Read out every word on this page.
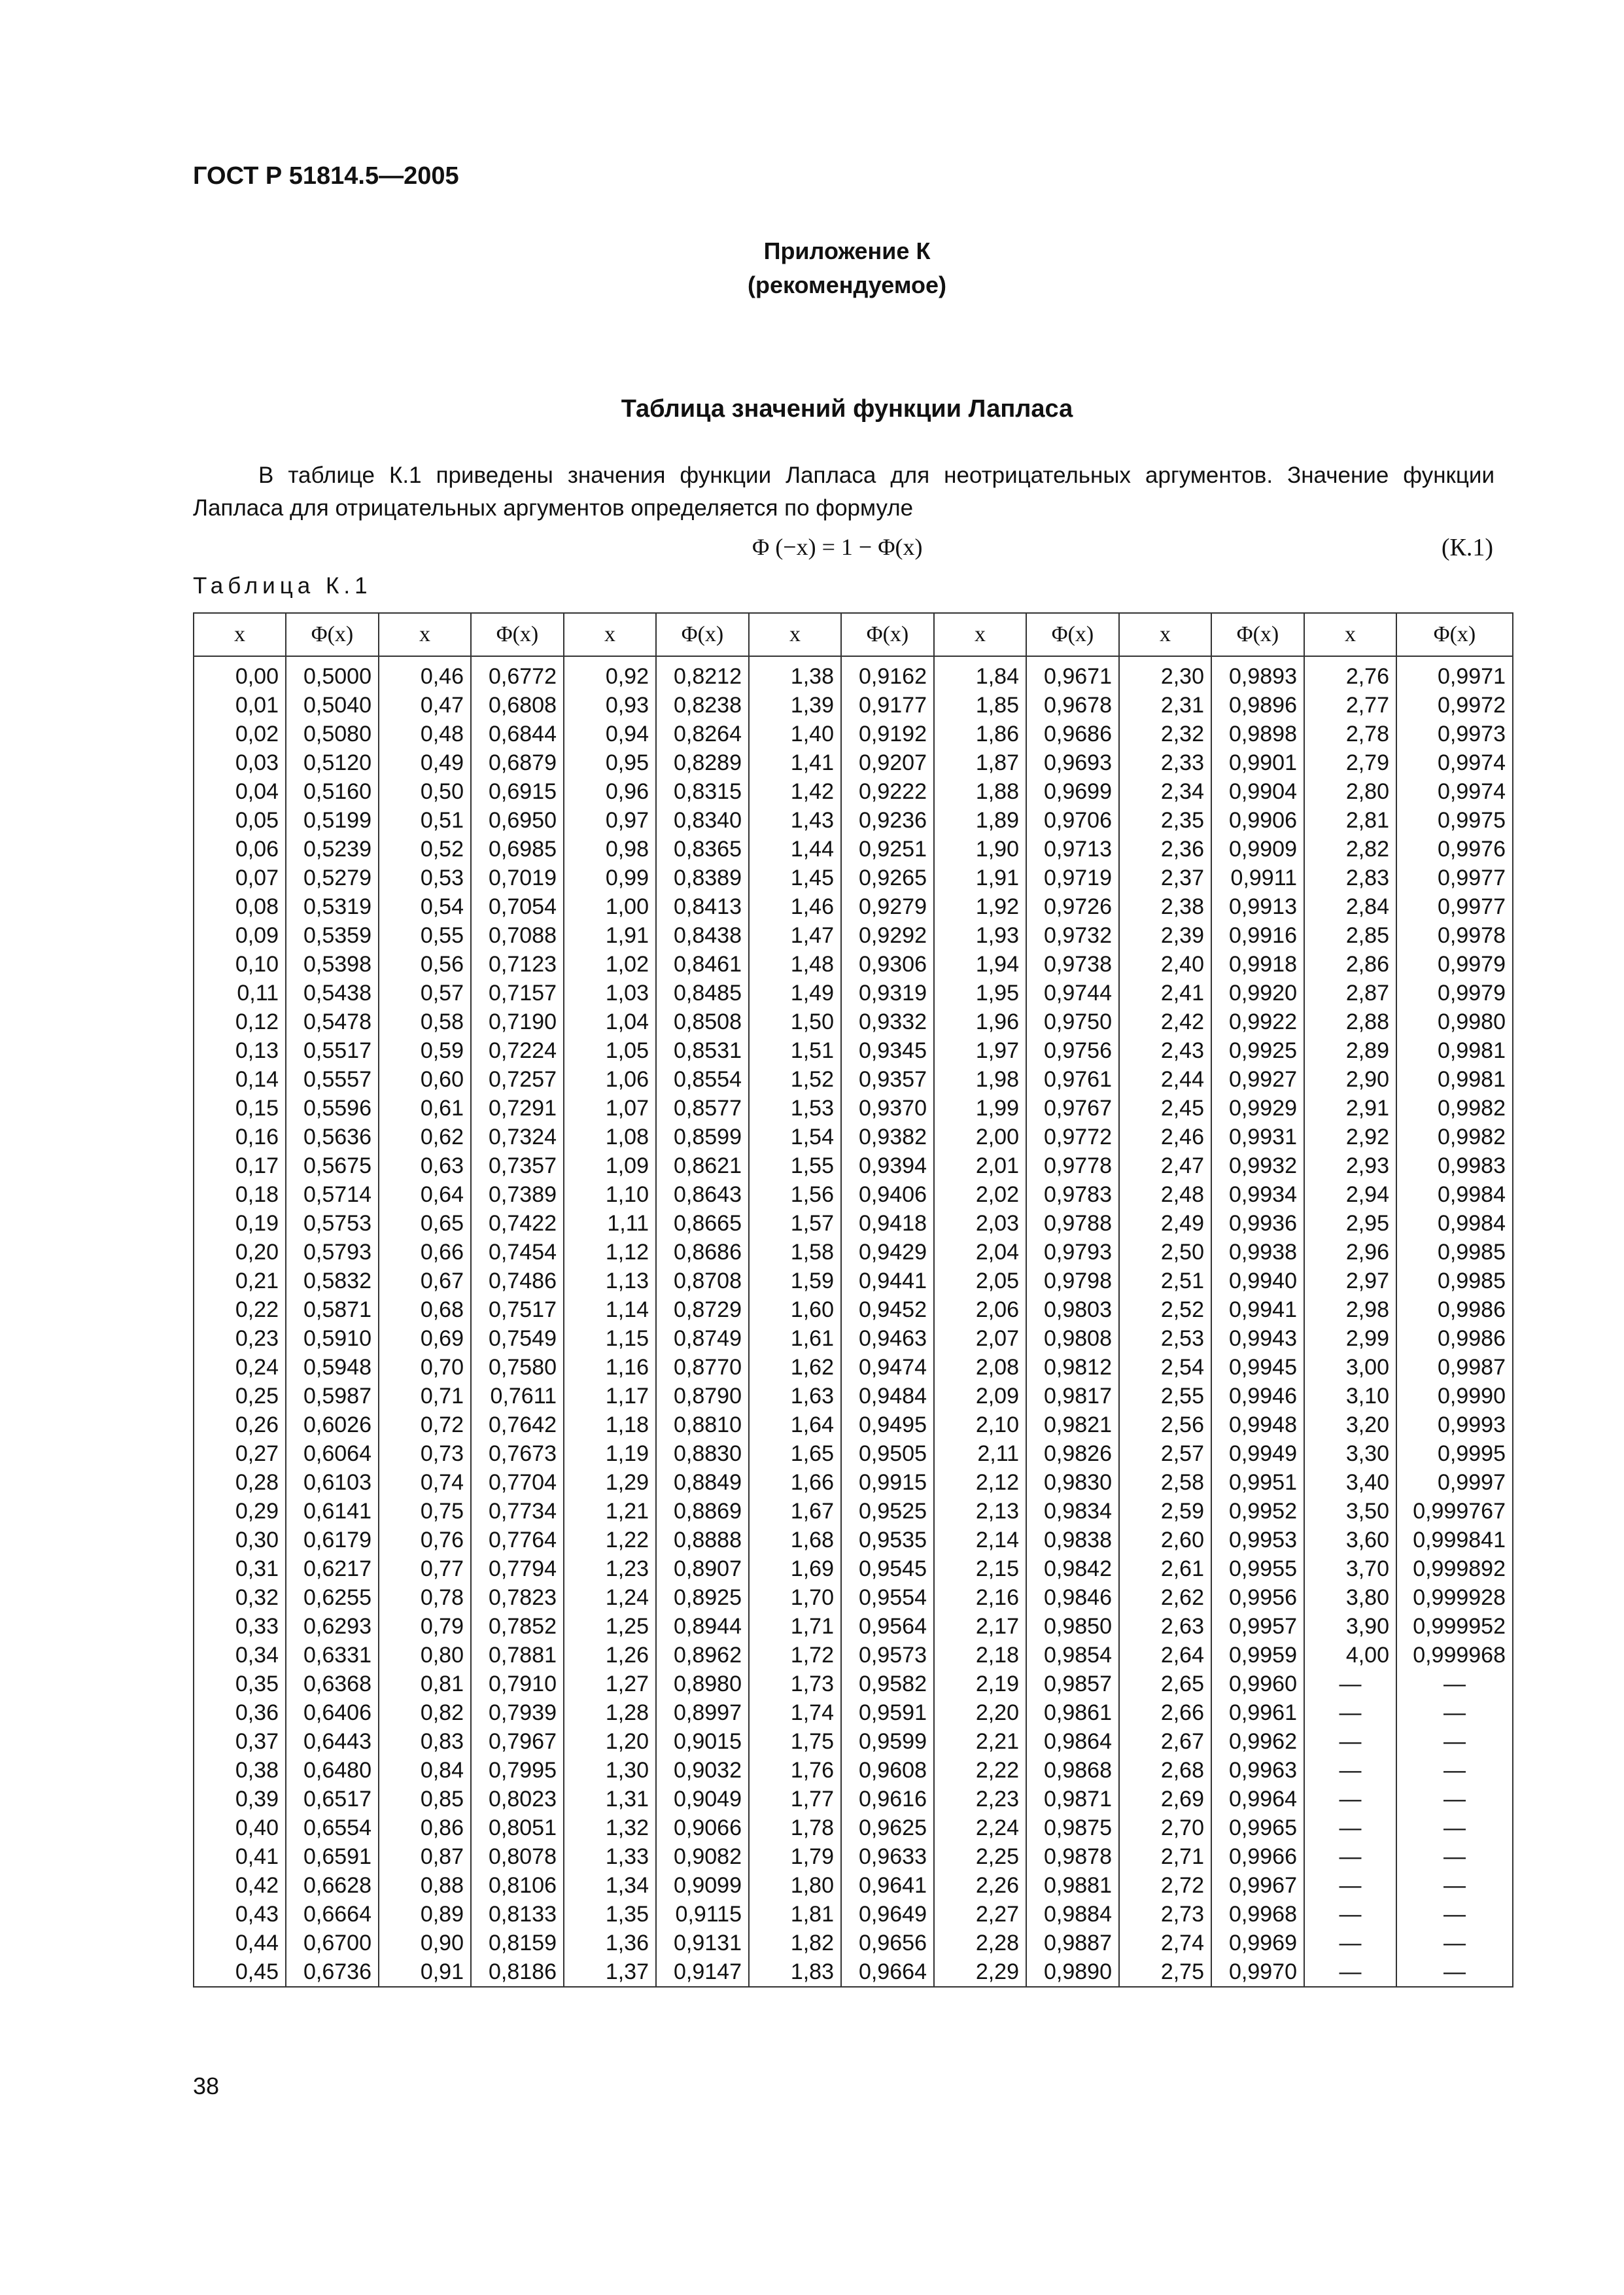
ГОСТ Р 51814.5—2005
Приложение К
(рекомендуемое)
Таблица значений функции Лапласа
В таблице К.1 приведены значения функции Лапласа для неотрицательных аргументов. Значение функции
Лапласа для отрицательных аргументов определяется по формуле
Φ (−x) = 1 − Φ(x)	(К.1)
Таблица К.1
x	Φ(x)	x	Φ(x)	x	Φ(x)	x	Φ(x)	x	Φ(x)	x	Φ(x)	x	Φ(x)
0,00	0,5000	0,46	0,6772	0,92	0,8212	1,38	0,9162	1,84	0,9671	2,30	0,9893	2,76	0,9971
0,01	0,5040	0,47	0,6808	0,93	0,8238	1,39	0,9177	1,85	0,9678	2,31	0,9896	2,77	0,9972
0,02	0,5080	0,48	0,6844	0,94	0,8264	1,40	0,9192	1,86	0,9686	2,32	0,9898	2,78	0,9973
0,03	0,5120	0,49	0,6879	0,95	0,8289	1,41	0,9207	1,87	0,9693	2,33	0,9901	2,79	0,9974
0,04	0,5160	0,50	0,6915	0,96	0,8315	1,42	0,9222	1,88	0,9699	2,34	0,9904	2,80	0,9974
0,05	0,5199	0,51	0,6950	0,97	0,8340	1,43	0,9236	1,89	0,9706	2,35	0,9906	2,81	0,9975
0,06	0,5239	0,52	0,6985	0,98	0,8365	1,44	0,9251	1,90	0,9713	2,36	0,9909	2,82	0,9976
0,07	0,5279	0,53	0,7019	0,99	0,8389	1,45	0,9265	1,91	0,9719	2,37	0,9911	2,83	0,9977
0,08	0,5319	0,54	0,7054	1,00	0,8413	1,46	0,9279	1,92	0,9726	2,38	0,9913	2,84	0,9977
0,09	0,5359	0,55	0,7088	1,91	0,8438	1,47	0,9292	1,93	0,9732	2,39	0,9916	2,85	0,9978
0,10	0,5398	0,56	0,7123	1,02	0,8461	1,48	0,9306	1,94	0,9738	2,40	0,9918	2,86	0,9979
0,11	0,5438	0,57	0,7157	1,03	0,8485	1,49	0,9319	1,95	0,9744	2,41	0,9920	2,87	0,9979
0,12	0,5478	0,58	0,7190	1,04	0,8508	1,50	0,9332	1,96	0,9750	2,42	0,9922	2,88	0,9980
0,13	0,5517	0,59	0,7224	1,05	0,8531	1,51	0,9345	1,97	0,9756	2,43	0,9925	2,89	0,9981
0,14	0,5557	0,60	0,7257	1,06	0,8554	1,52	0,9357	1,98	0,9761	2,44	0,9927	2,90	0,9981
0,15	0,5596	0,61	0,7291	1,07	0,8577	1,53	0,9370	1,99	0,9767	2,45	0,9929	2,91	0,9982
0,16	0,5636	0,62	0,7324	1,08	0,8599	1,54	0,9382	2,00	0,9772	2,46	0,9931	2,92	0,9982
0,17	0,5675	0,63	0,7357	1,09	0,8621	1,55	0,9394	2,01	0,9778	2,47	0,9932	2,93	0,9983
0,18	0,5714	0,64	0,7389	1,10	0,8643	1,56	0,9406	2,02	0,9783	2,48	0,9934	2,94	0,9984
0,19	0,5753	0,65	0,7422	1,11	0,8665	1,57	0,9418	2,03	0,9788	2,49	0,9936	2,95	0,9984
0,20	0,5793	0,66	0,7454	1,12	0,8686	1,58	0,9429	2,04	0,9793	2,50	0,9938	2,96	0,9985
0,21	0,5832	0,67	0,7486	1,13	0,8708	1,59	0,9441	2,05	0,9798	2,51	0,9940	2,97	0,9985
0,22	0,5871	0,68	0,7517	1,14	0,8729	1,60	0,9452	2,06	0,9803	2,52	0,9941	2,98	0,9986
0,23	0,5910	0,69	0,7549	1,15	0,8749	1,61	0,9463	2,07	0,9808	2,53	0,9943	2,99	0,9986
0,24	0,5948	0,70	0,7580	1,16	0,8770	1,62	0,9474	2,08	0,9812	2,54	0,9945	3,00	0,9987
0,25	0,5987	0,71	0,7611	1,17	0,8790	1,63	0,9484	2,09	0,9817	2,55	0,9946	3,10	0,9990
0,26	0,6026	0,72	0,7642	1,18	0,8810	1,64	0,9495	2,10	0,9821	2,56	0,9948	3,20	0,9993
0,27	0,6064	0,73	0,7673	1,19	0,8830	1,65	0,9505	2,11	0,9826	2,57	0,9949	3,30	0,9995
0,28	0,6103	0,74	0,7704	1,29	0,8849	1,66	0,9915	2,12	0,9830	2,58	0,9951	3,40	0,9997
0,29	0,6141	0,75	0,7734	1,21	0,8869	1,67	0,9525	2,13	0,9834	2,59	0,9952	3,50	0,999767
0,30	0,6179	0,76	0,7764	1,22	0,8888	1,68	0,9535	2,14	0,9838	2,60	0,9953	3,60	0,999841
0,31	0,6217	0,77	0,7794	1,23	0,8907	1,69	0,9545	2,15	0,9842	2,61	0,9955	3,70	0,999892
0,32	0,6255	0,78	0,7823	1,24	0,8925	1,70	0,9554	2,16	0,9846	2,62	0,9956	3,80	0,999928
0,33	0,6293	0,79	0,7852	1,25	0,8944	1,71	0,9564	2,17	0,9850	2,63	0,9957	3,90	0,999952
0,34	0,6331	0,80	0,7881	1,26	0,8962	1,72	0,9573	2,18	0,9854	2,64	0,9959	4,00	0,999968
0,35	0,6368	0,81	0,7910	1,27	0,8980	1,73	0,9582	2,19	0,9857	2,65	0,9960	—	—
0,36	0,6406	0,82	0,7939	1,28	0,8997	1,74	0,9591	2,20	0,9861	2,66	0,9961	—	—
0,37	0,6443	0,83	0,7967	1,20	0,9015	1,75	0,9599	2,21	0,9864	2,67	0,9962	—	—
0,38	0,6480	0,84	0,7995	1,30	0,9032	1,76	0,9608	2,22	0,9868	2,68	0,9963	—	—
0,39	0,6517	0,85	0,8023	1,31	0,9049	1,77	0,9616	2,23	0,9871	2,69	0,9964	—	—
0,40	0,6554	0,86	0,8051	1,32	0,9066	1,78	0,9625	2,24	0,9875	2,70	0,9965	—	—
0,41	0,6591	0,87	0,8078	1,33	0,9082	1,79	0,9633	2,25	0,9878	2,71	0,9966	—	—
0,42	0,6628	0,88	0,8106	1,34	0,9099	1,80	0,9641	2,26	0,9881	2,72	0,9967	—	—
0,43	0,6664	0,89	0,8133	1,35	0,9115	1,81	0,9649	2,27	0,9884	2,73	0,9968	—	—
0,44	0,6700	0,90	0,8159	1,36	0,9131	1,82	0,9656	2,28	0,9887	2,74	0,9969	—	—
0,45	0,6736	0,91	0,8186	1,37	0,9147	1,83	0,9664	2,29	0,9890	2,75	0,9970	—	—
38
